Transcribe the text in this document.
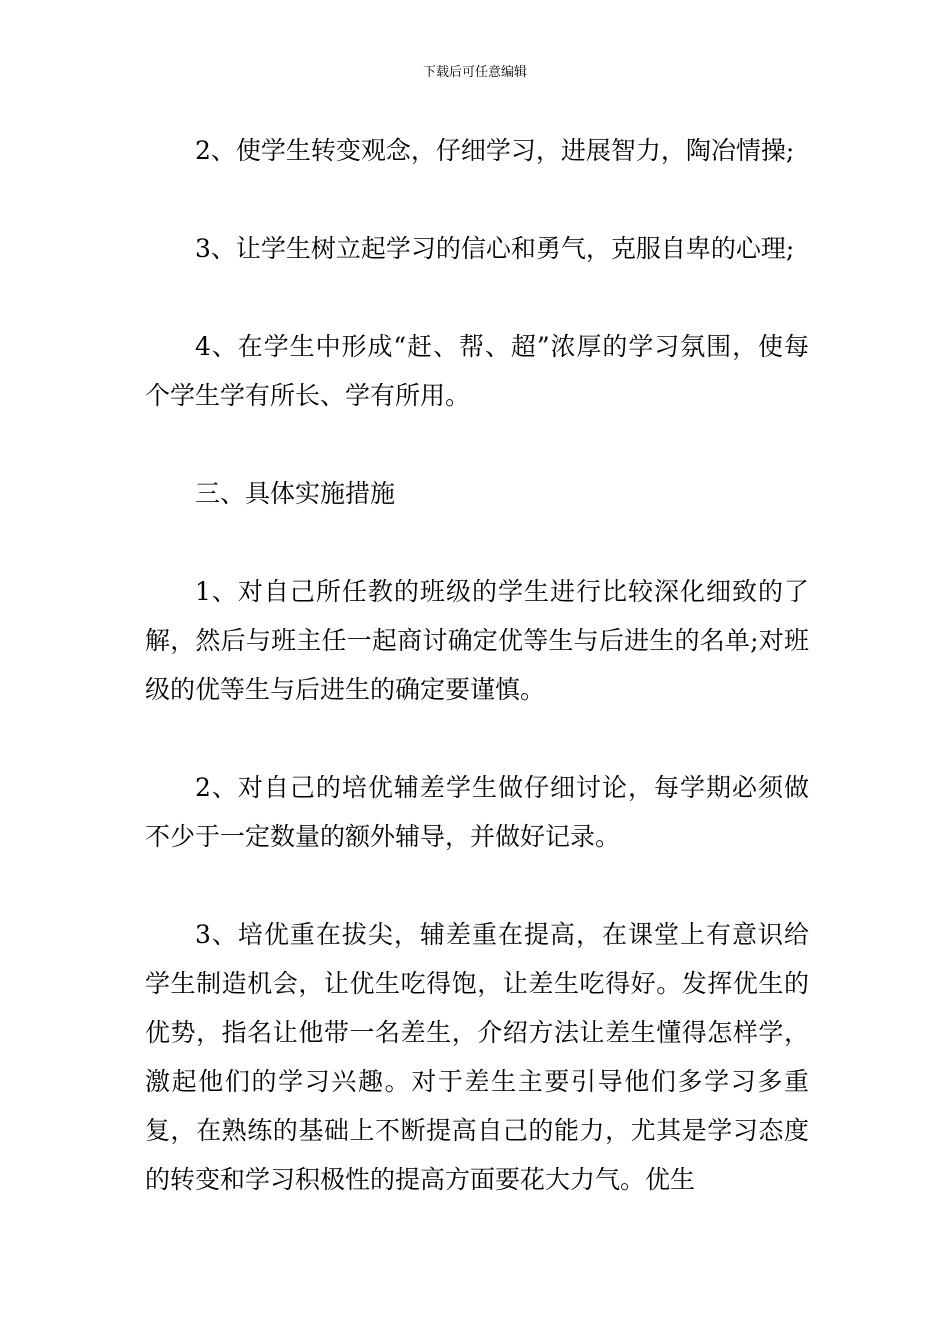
下载后可任意编辑

2、使学生转变观念，仔细学习，进展智力，陶冶情操;

3、让学生树立起学习的信心和勇气，克服自卑的心理;

4、在学生中形成“赶、帮、超”浓厚的学习氛围，使每个学生学有所长、学有所用。

三、具体实施措施

1、对自己所任教的班级的学生进行比较深化细致的了解，然后与班主任一起商讨确定优等生与后进生的名单;对班级的优等生与后进生的确定要谨慎。

2、对自己的培优辅差学生做仔细讨论，每学期必须做不少于一定数量的额外辅导，并做好记录。

3、培优重在拔尖，辅差重在提高，在课堂上有意识给学生制造机会，让优生吃得饱，让差生吃得好。发挥优生的优势，指名让他带一名差生，介绍方法让差生懂得怎样学，激起他们的学习兴趣。对于差生主要引导他们多学习多重复，在熟练的基础上不断提高自己的能力，尤其是学习态度的转变和学习积极性的提高方面要花大力气。优生
